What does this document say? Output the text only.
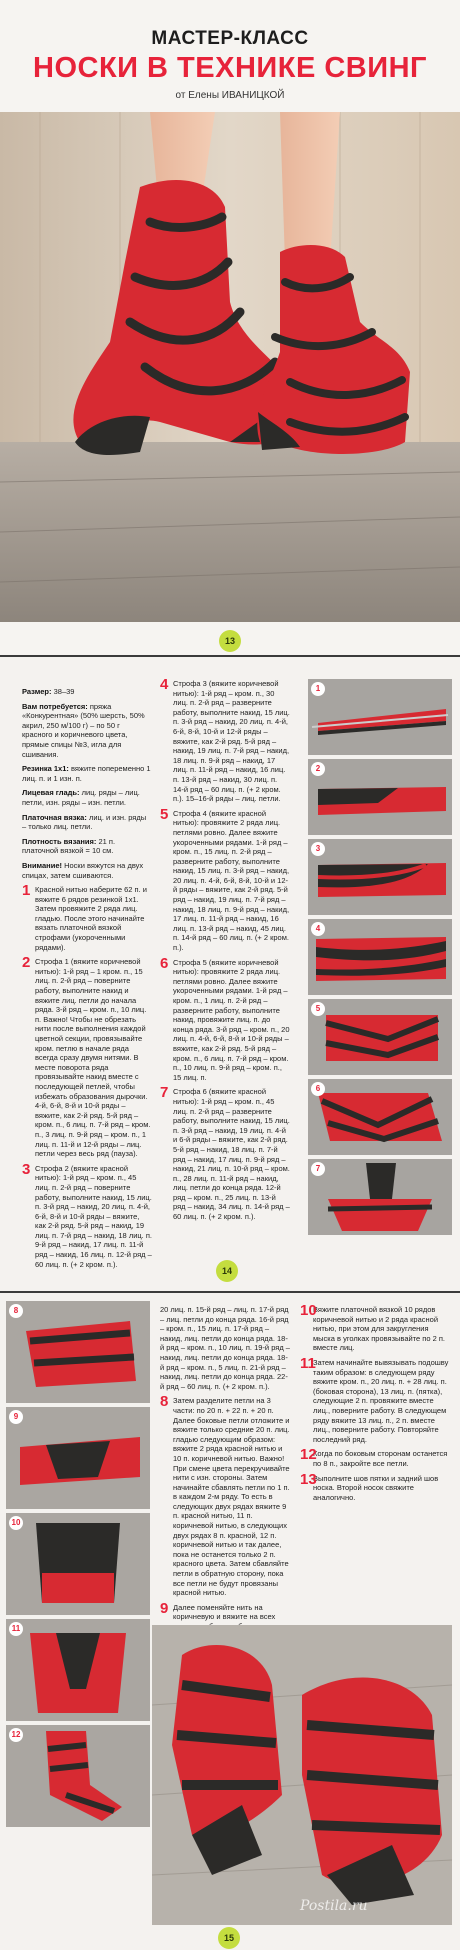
МАСТЕР-КЛАСС
НОСКИ В ТЕХНИКЕ СВИНГ
от Елены ИВАНИЦКОЙ
13

Размер: 38–39

Вам потребуется: пряжа «Конкурентная» (50% шерсть, 50% акрил, 250 м/100 г) – по 50 г красного и коричневого цвета, прямые спицы №3, игла для сшивания.

Резинка 1х1: вяжите попеременно 1 лиц. п. и 1 изн. п.

Лицевая гладь: лиц. ряды – лиц. петли, изн. ряды – изн. петли.

Платочная вязка: лиц. и изн. ряды – только лиц. петли.

Плотность вязания: 21 п. платочной вязкой = 10 см.

Внимание! Носки вяжутся на двух спицах, затем сшиваются.

1 Красной нитью наберите 62 п. и вяжите 6 рядов резинкой 1х1. Затем провяжите 2 ряда лиц. гладью. После этого начинайте вязать платочной вязкой строфами (укороченными рядами).
2 Строфа 1 (вяжите коричневой нитью): 1-й ряд – 1 кром. п., 15 лиц. п. 2-й ряд – поверните работу, выполните накид и вяжите лиц. петли до начала ряда. 3-й ряд – кром. п., 10 лиц. п. Важно! Чтобы не обрезать нити после выполнения каждой цветной секции, провязывайте кром. петлю в начале ряда всегда сразу двумя нитями. В месте поворота ряда провязывайте накид вместе с последующей петлей, чтобы избежать образования дырочки. 4-й, 6-й, 8-й и 10-й ряды – вяжите, как 2-й ряд. 5-й ряд – кром. п., 6 лиц. п. 7-й ряд – кром. п., 3 лиц. п. 9-й ряд – кром. п., 1 лиц. п. 11-й и 12-й ряды – лиц. петли через весь ряд (пауза).
3 Строфа 2 (вяжите красной нитью): 1-й ряд – кром. п., 45 лиц. п. 2-й ряд – поверните работу, выполните накид, 15 лиц. п. 3-й ряд – накид, 20 лиц. п. 4-й, 6-й, 8-й и 10-й ряды – вяжите, как 2-й ряд. 5-й ряд – накид, 19 лиц. п. 7-й ряд – накид, 18 лиц. п. 9-й ряд – накид, 17 лиц. п. 11-й ряд – накид, 16 лиц. п. 12-й ряд – 60 лиц. п. (+ 2 кром. п.).
4 Строфа 3 (вяжите коричневой нитью): 1-й ряд – кром. п., 30 лиц. п. 2-й ряд – разверните работу, выполните накид, 15 лиц. п. 3-й ряд – накид, 20 лиц. п. 4-й, 6-й, 8-й, 10-й и 12-й ряды – вяжите, как 2-й ряд. 5-й ряд – накид, 19 лиц. п. 7-й ряд – накид, 18 лиц. п. 9-й ряд – накид, 17 лиц. п. 11-й ряд – накид, 16 лиц. п. 13-й ряд – накид, 30 лиц. п. 14-й ряд – 60 лиц. п. (+ 2 кром. п.). 15–16-й ряды – лиц. петли.
5 Строфа 4 (вяжите красной нитью): провяжите 2 ряда лиц. петлями ровно. Далее вяжите укороченными рядами. 1-й ряд – кром. п., 15 лиц. п. 2-й ряд – разверните работу, выполните накид, 15 лиц. п. 3-й ряд – накид, 20 лиц. п. 4-й, 6-й, 8-й, 10-й и 12-й ряды – вяжите, как 2-й ряд. 5-й ряд – накид, 19 лиц. п. 7-й ряд – накид, 18 лиц. п. 9-й ряд – накид, 17 лиц. п. 11-й ряд – накид, 16 лиц. п. 13-й ряд – накид, 45 лиц. п. 14-й ряд – 60 лиц. п. (+ 2 кром. п.).
6 Строфа 5 (вяжите коричневой нитью): провяжите 2 ряда лиц. петлями ровно. Далее вяжите укороченными рядами. 1-й ряд – кром. п., 1 лиц. п. 2-й ряд – разверните работу, выполните накид, провяжите лиц. п. до конца ряда. 3-й ряд – кром. п., 20 лиц. п. 4-й, 6-й, 8-й и 10-й ряды – вяжите, как 2-й ряд. 5-й ряд – кром. п., 6 лиц. п. 7-й ряд – кром. п., 10 лиц. п. 9-й ряд – кром. п., 15 лиц. п.
7 Строфа 6 (вяжите красной нитью): 1-й ряд – кром. п., 45 лиц. п. 2-й ряд – разверните работу, выполните накид, 15 лиц. п. 3-й ряд – накид, 19 лиц. п. 4-й и 6-й ряды – вяжите, как 2-й ряд. 5-й ряд – накид, 18 лиц. п. 7-й ряд – накид, 17 лиц. п. 9-й ряд – накид, 21 лиц. п. 10-й ряд – кром. п., 28 лиц. п. 11-й ряд – накид, лиц. петли до конца ряда. 12-й ряд – кром. п., 25 лиц. п. 13-й ряд – накид, 34 лиц. п. 14-й ряд – 60 лиц. п. (+ 2 кром. п.).
1
2
3
4
5
6
7
14
8
9
10
11
12

20 лиц. п. 15-й ряд – лиц. п. 17-й ряд – лиц. петли до конца ряда. 16-й ряд – кром. п., 15 лиц. п. 17-й ряд – накид, лиц. петли до конца ряда. 18-й ряд – кром. п., 10 лиц. п. 19-й ряд – накид, лиц. петли до конца ряда. 18-й ряд – кром. п., 5 лиц. п. 21-й ряд – накид, лиц. петли до конца ряда. 22-й ряд – 60 лиц. п. (+ 2 кром. п.).

8 Затем разделите петли на 3 части: по 20 п. + 22 п. + 20 п. Далее боковые петли отложите и вяжите только средние 20 п. лиц. гладью следующим образом: вяжите 2 ряда красной нитью и 10 п. коричневой нитью. Важно! При смене цвета перекручивайте нити с изн. стороны. Затем начинайте сбавлять петли по 1 п. в каждом 2-м ряду. То есть в следующих двух рядах вяжите 9 п. красной нитью, 11 п. коричневой нитью, в следующих двух рядах 8 п. красной, 12 п. коричневой нитью и так далее, пока не останется только 2 п. красного цвета. Затем сбавляйте петли в обратную сторону, пока все петли не будут провязаны красной нитью.
9 Далее поменяйте нить на коричневую и вяжите на всех
10
Вяжите платочной вязкой 10 рядов коричневой нитью и 2 ряда красной нитью, при этом для закругления мыска в уголках провязывайте по 2 п. вместе лиц.
11
Затем начинайте вывязывать подошву таким образом: в следующем ряду вяжите кром. п., 20 лиц. п. + 28 лиц. п. (боковая сторона), 13 лиц. п. (пятка), следующие 2 п. провяжите вместе лиц., поверните работу. В следующем ряду вяжите 13 лиц. п., 2 п. вместе лиц., поверните работу. Повторяйте последний ряд.
12
Когда по боковым сторонам останется по 8 п., закройте все петли.
13
Выполните шов пятки и задний шов носка. Второй носок свяжите аналогично.
Postila.ru
15
